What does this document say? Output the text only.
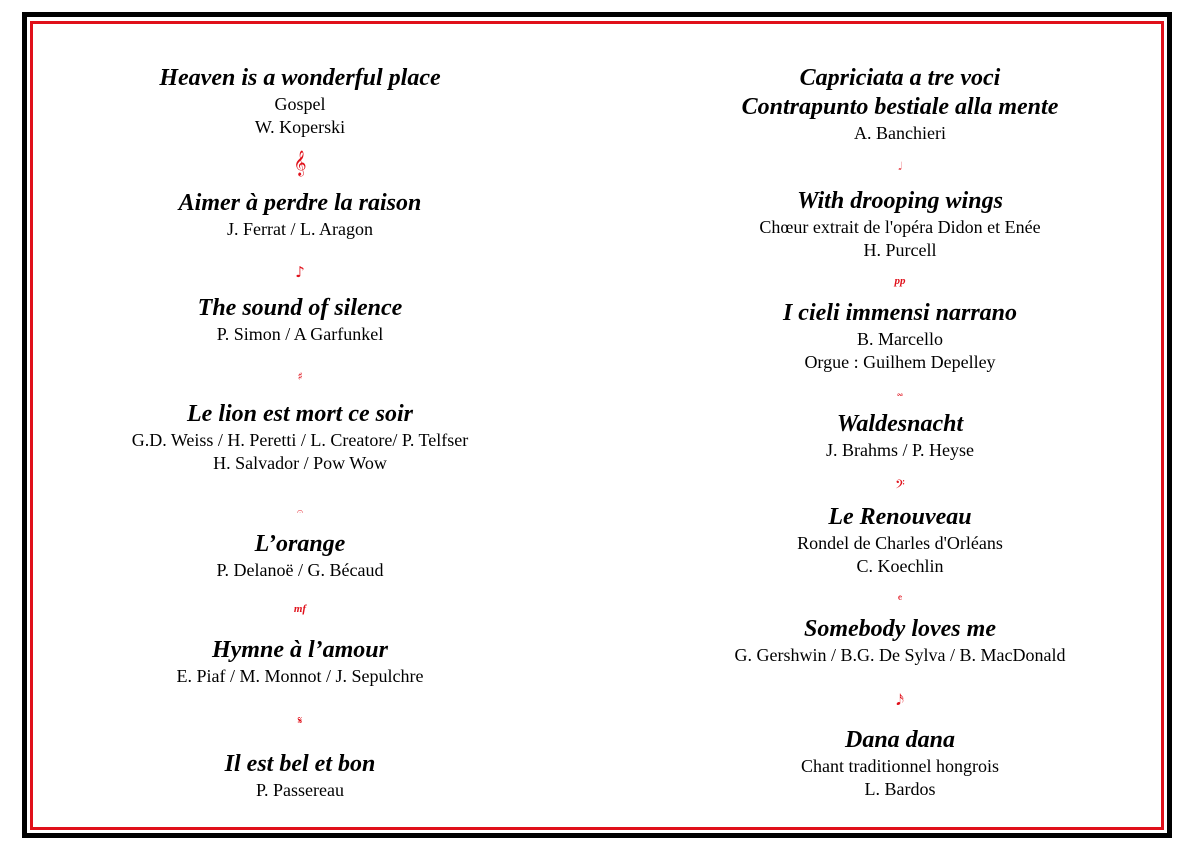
Heaven is a wonderful place
Gospel
W. Koperski
𝄞
Aimer à perdre la raison
J. Ferrat / L. Aragon
♪
The sound of silence
P. Simon / A Garfunkel
♯
Le lion est mort ce soir
G.D. Weiss / H. Peretti / L. Creatore/ P. Telfser
H. Salvador / Pow Wow
𝄐
L’orange
P. Delanoë / G. Bécaud
mf
Hymne à l’amour
E. Piaf / M. Monnot / J. Sepulchre
𝄋
Il est bel et bon
P. Passereau
Capriciata a tre voci
Contrapunto bestiale alla mente
A. Banchieri
𝅗𝅥
With drooping wings
Chœur extrait de l'opéra Didon et Enée
H. Purcell
pp
I cieli immensi narrano
B. Marcello
Orgue : Guilhem Depelley
𝆗
Waldesnacht
J. Brahms / P. Heyse
𝄢
Le Renouveau
Rondel de Charles d'Orléans
C. Koechlin
𝄴
Somebody loves me
G. Gershwin / B.G. De Sylva / B. MacDonald
𝅘𝅥𝅯
Dana dana
Chant traditionnel hongrois
L. Bardos
